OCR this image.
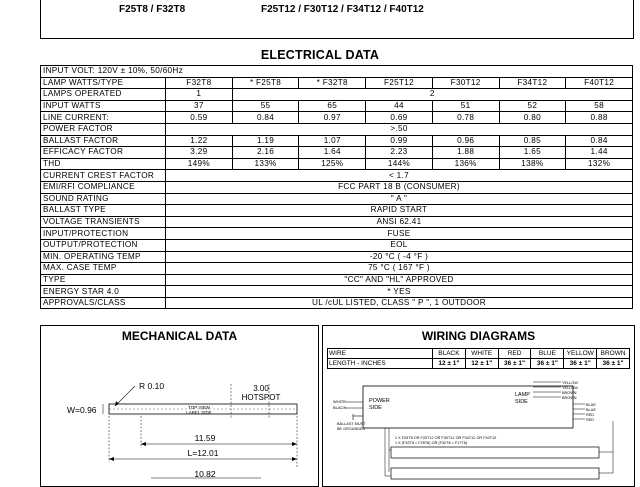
F25T8 / F32T8	F25T12 / F30T12 / F34T12 / F40T12
ELECTRICAL DATA
INPUT VOLT: 120V ± 10%, 50/60Hz							
LAMP WATTS/TYPE	F32T8	* F25T8	* F32T8	F25T12	F30T12	F34T12	F40T12
LAMPS OPERATED	1	2					
INPUT WATTS	37	55	65	44	51	52	58
LINE CURRENT:	0.59	0.84	0.97	0.69	0.78	0.80	0.88
POWER FACTOR	>.50						
BALLAST FACTOR	1.22	1.19	1.07	0.99	0.96	0.85	0.84
EFFICACY FACTOR	3.29	2.16	1.64	2.23	1.88	1.65	1.44
THD	149%	133%	125%	144%	136%	138%	132%
CURRENT CREST FACTOR	< 1.7						
EMI/RFI COMPLIANCE	FCC PART 18 B (CONSUMER)						
SOUND RATING	" A "						
BALLAST TYPE	RAPID START						
VOLTAGE TRANSIENTS	ANSI 62.41						
INPUT/PROTECTION	FUSE						
OUTPUT/PROTECTION	EOL						
MIN. OPERATING TEMP	-20 °C ( -4 °F )						
MAX. CASE TEMP	75 °C ( 167 °F )						
TYPE	"CC" AND "HL" APPROVED						
ENERGY STAR 4.0	* YES						
APPROVALS/CLASS	UL /cUL LISTED, CLASS " P ", 1 OUTDOOR						
MECHANICAL DATA
R 0.10	3.00
HOTSPOT
W=0.96	TOP VIEW
LABEL SIDE
11.59
L=12.01
10.82
WIRING DIAGRAMS
WIRE	BLACK	WHITE	RED	BLUE	YELLOW	BROWN
LENGTH - INCHES	12 ± 1"	12 ± 1"	36 ± 1"	36 ± 1"	36 ± 1"	36 ± 1"
WHITE
BLACK
POWER
SIDE
BALLAST MUST
BE GROUNDED
LAMP
SIDE
YELLOW
YELLOW
BROWN
BROWN
BLUE
BLUE
RED
RED
2 X F25T8 OR F25T12 OR F30T12 OR F34T12 OR F40T12
1 X (F32T8 = F25T8) OR (F32T8 = F17T8)
